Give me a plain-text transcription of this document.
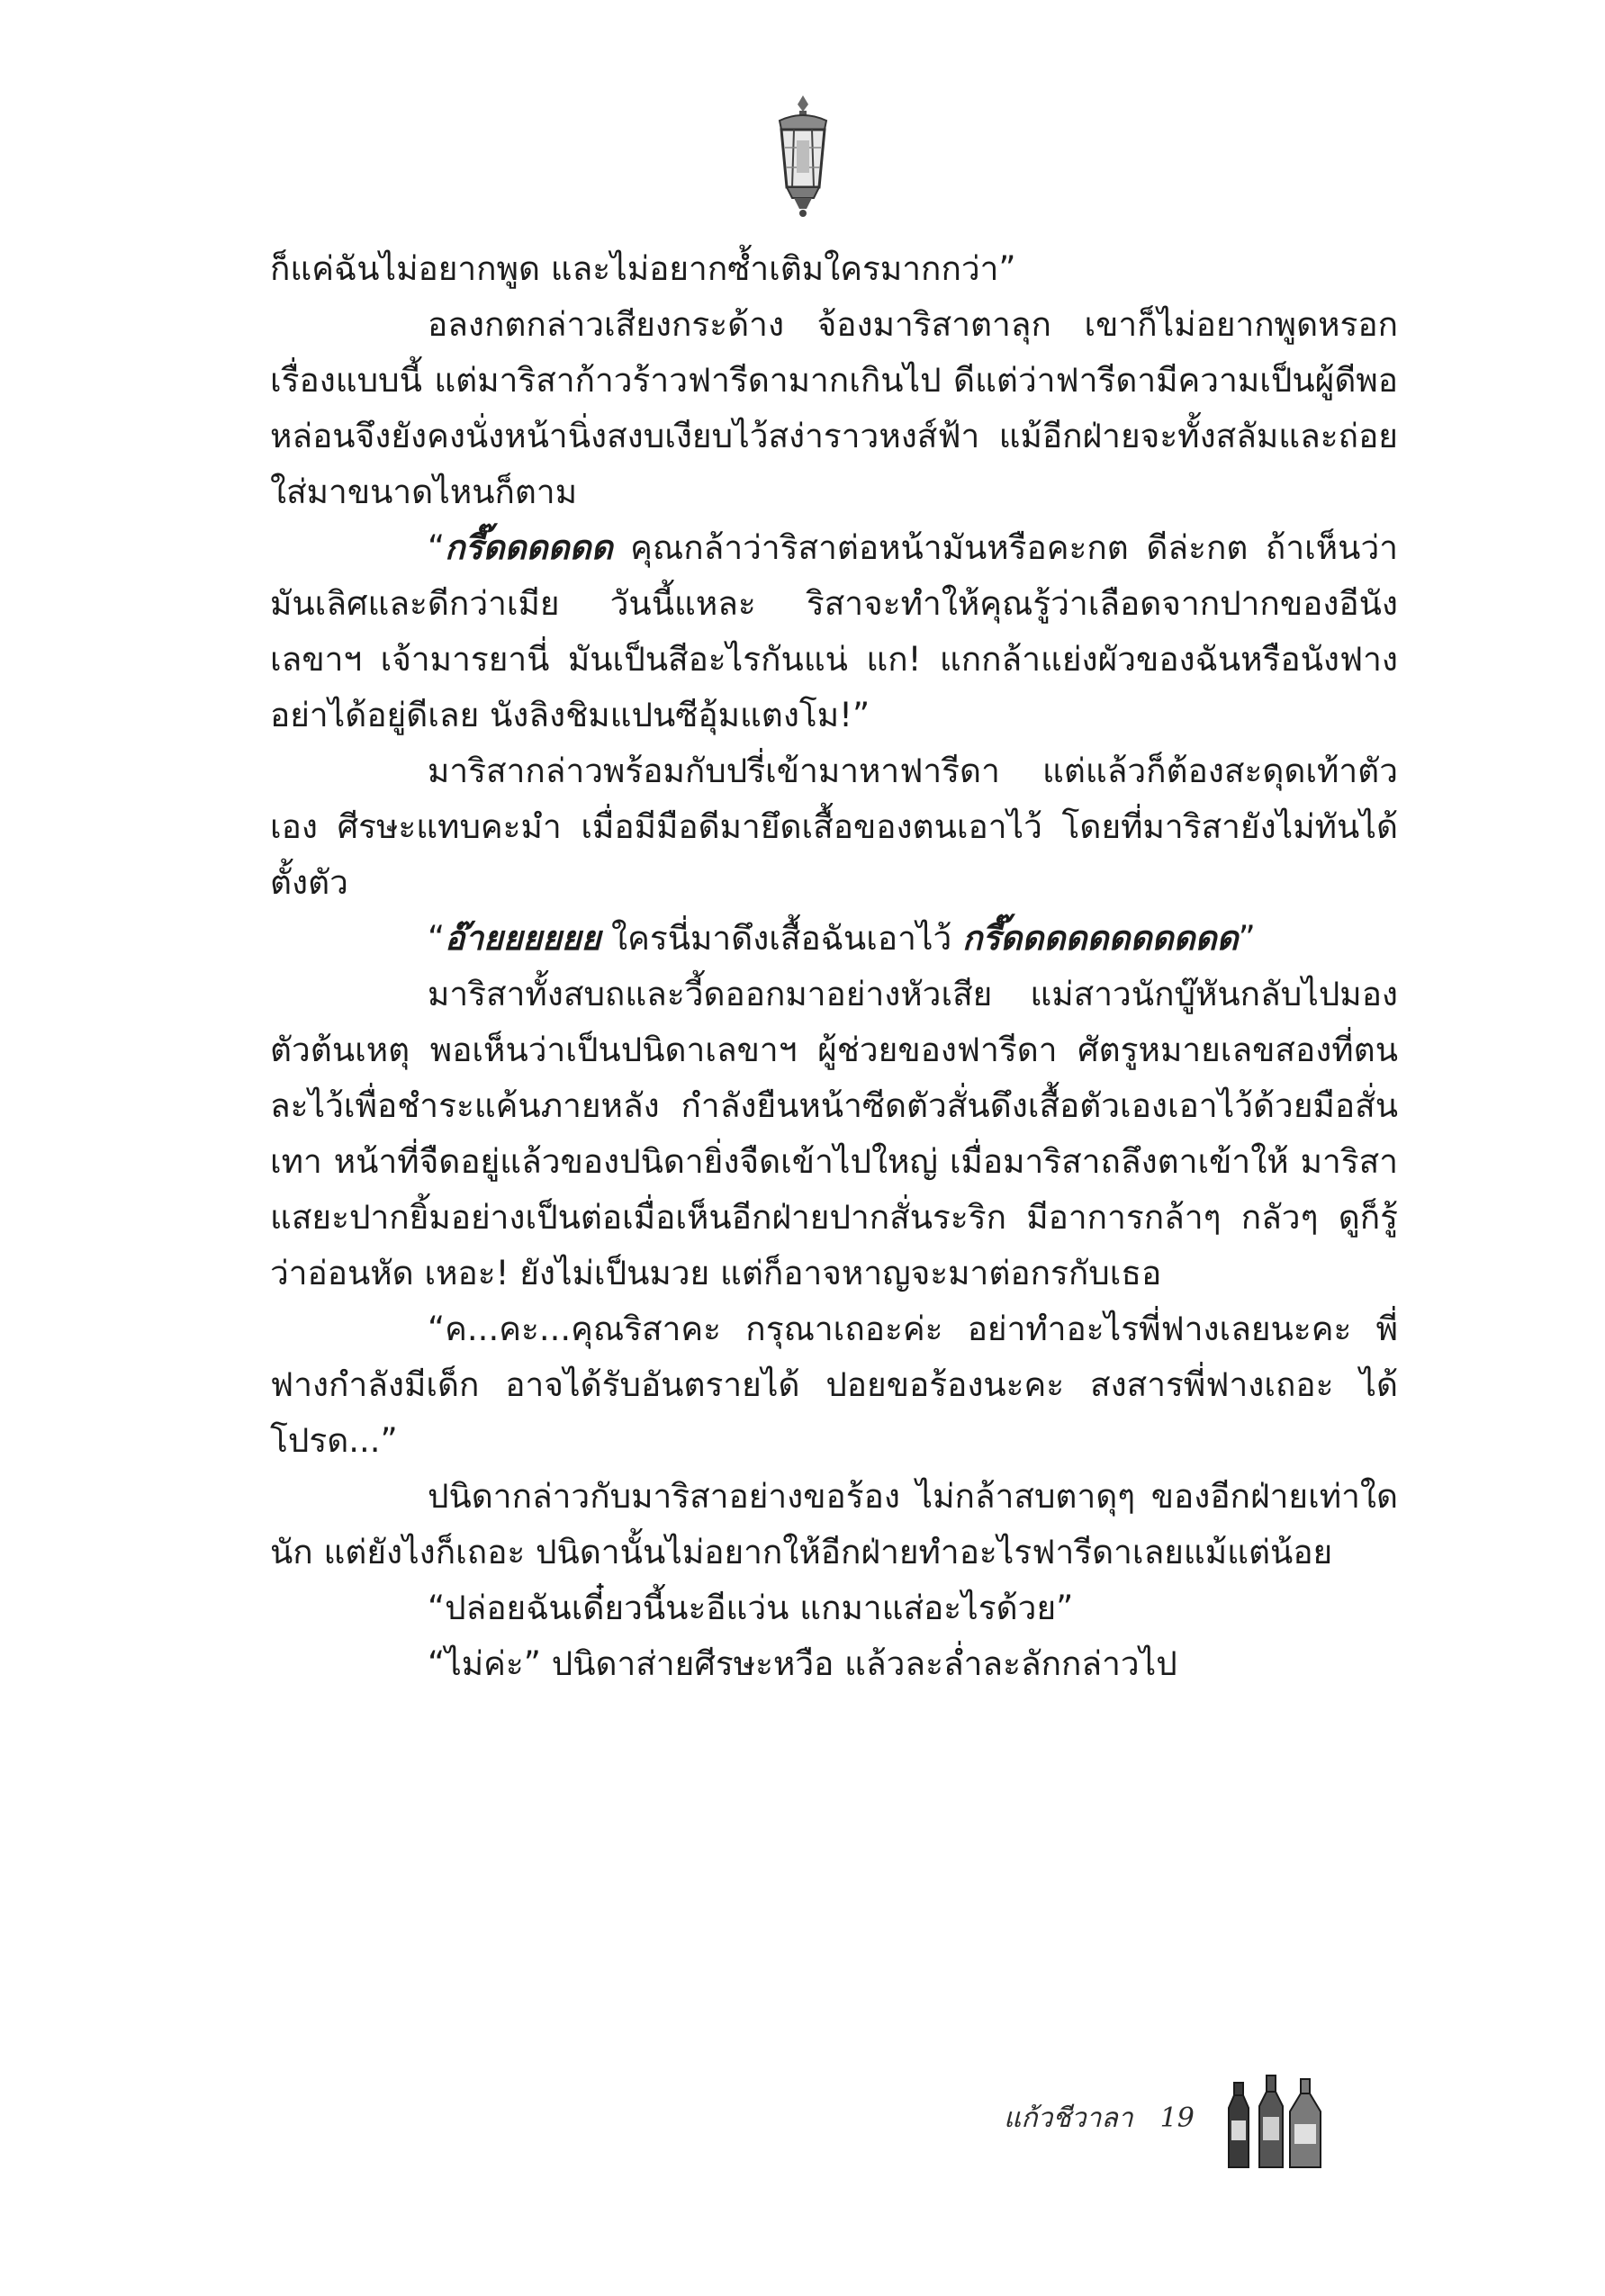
ก็แค่ฉันไม่อยากพูด และไม่อยากซ้ำเติมใครมากกว่า”

อลงกตกล่าวเสียงกระด้าง จ้องมาริสาตาลุก เขาก็ไม่อยากพูดหรอกเรื่องแบบนี้ แต่มาริสาก้าวร้าวฟารีดามากเกินไป ดีแต่ว่าฟารีดามีความเป็นผู้ดีพอ หล่อนจึงยังคงนั่งหน้านิ่งสงบเงียบไว้สง่าราวหงส์ฟ้า แม้อีกฝ่ายจะทั้งสลัมและถ่อยใส่มาขนาดไหนก็ตาม

“กรี๊ดดดดดด คุณกล้าว่าริสาต่อหน้ามันหรือคะกต ดีล่ะกต ถ้าเห็นว่ามันเลิศและดีกว่าเมีย วันนี้แหละ ริสาจะทำให้คุณรู้ว่าเลือดจากปากของอีนังเลขาฯ เจ้ามารยานี่ มันเป็นสีอะไรกันแน่ แก! แกกล้าแย่งผัวของฉันหรือนังฟาง อย่าได้อยู่ดีเลย นังลิงชิมแปนซีอุ้มแตงโม!”

มาริสากล่าวพร้อมกับปรี่เข้ามาหาฟารีดา แต่แล้วก็ต้องสะดุดเท้าตัวเอง ศีรษะแทบคะมำ เมื่อมีมือดีมายึดเสื้อของตนเอาไว้ โดยที่มาริสายังไม่ทันได้ตั้งตัว

“อ๊ายยยยยย ใครนี่มาดึงเสื้อฉันเอาไว้ กรี๊ดดดดดดดดดดด”

มาริสาทั้งสบถและวี้ดออกมาอย่างหัวเสีย แม่สาวนักบู๊หันกลับไปมองตัวต้นเหตุ พอเห็นว่าเป็นปนิดาเลขาฯ ผู้ช่วยของฟารีดา ศัตรูหมายเลขสองที่ตนละไว้เพื่อชำระแค้นภายหลัง กำลังยืนหน้าซีดตัวสั่นดึงเสื้อตัวเองเอาไว้ด้วยมือสั่นเทา หน้าที่จืดอยู่แล้วของปนิดายิ่งจืดเข้าไปใหญ่ เมื่อมาริสาถลึงตาเข้าให้ มาริสาแสยะปากยิ้มอย่างเป็นต่อเมื่อเห็นอีกฝ่ายปากสั่นระริก มีอาการกล้าๆ กลัวๆ ดูก็รู้ว่าอ่อนหัด เหอะ! ยังไม่เป็นมวย แต่ก็อาจหาญจะมาต่อกรกับเธอ

“ค...คะ...คุณริสาคะ กรุณาเถอะค่ะ อย่าทำอะไรพี่ฟางเลยนะคะ พี่ฟางกำลังมีเด็ก อาจได้รับอันตรายได้ ปอยขอร้องนะคะ สงสารพี่ฟางเถอะ ได้โปรด...”

ปนิดากล่าวกับมาริสาอย่างขอร้อง ไม่กล้าสบตาดุๆ ของอีกฝ่ายเท่าใดนัก แต่ยังไงก็เถอะ ปนิดานั้นไม่อยากให้อีกฝ่ายทำอะไรฟารีดาเลยแม้แต่น้อย

“ปล่อยฉันเดี๋ยวนี้นะอีแว่น แกมาแส่อะไรด้วย”

“ไม่ค่ะ” ปนิดาส่ายศีรษะหวือ แล้วละล่ำละลักกล่าวไป

แก้วชีวาลา 19
